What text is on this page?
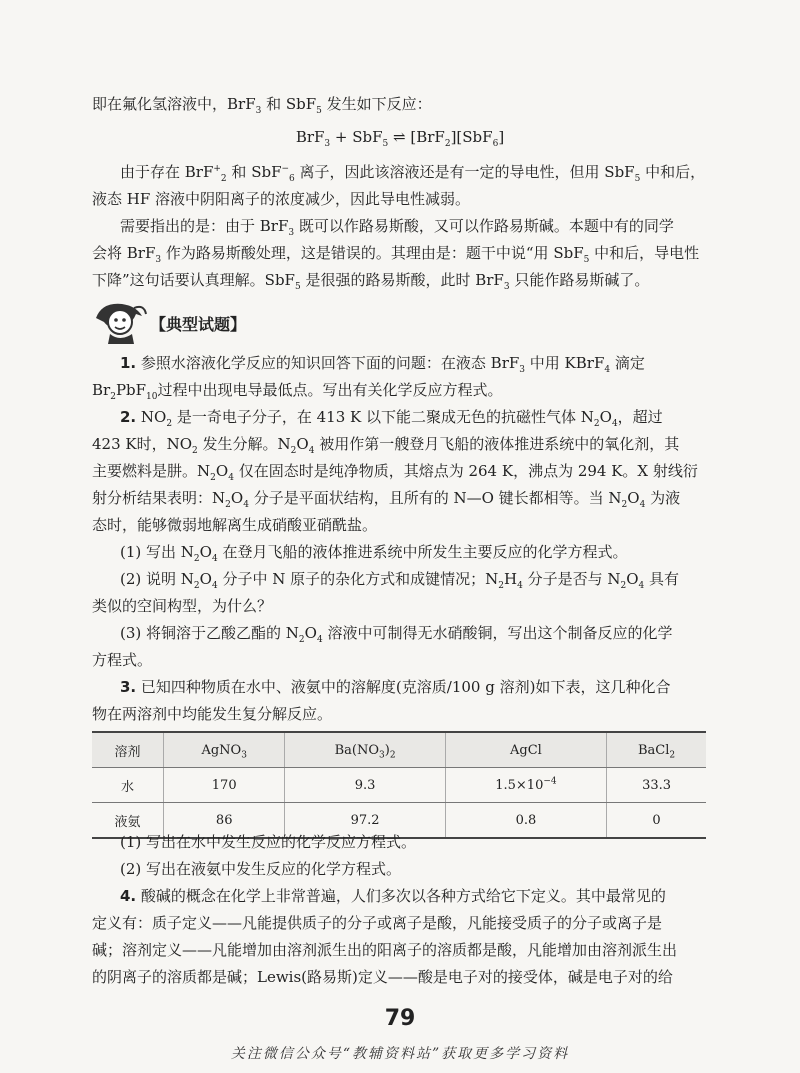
即在氟化氢溶液中，BrF$_3$ 和 SbF$_5$ 发生如下反应：
BrF$_3$ + SbF$_5$ ⇌ [BrF$_2$][SbF$_6$]
由于存在 BrF+$_2$ 和 SbF−$_6$ 离子，因此该溶液还是有一定的导电性，但用 SbF$_5$ 中和后，
液态 HF 溶液中阴阳离子的浓度减少，因此导电性减弱。
需要指出的是：由于 BrF$_3$ 既可以作路易斯酸，又可以作路易斯碱。本题中有的同学
会将 BrF$_3$ 作为路易斯酸处理，这是错误的。其理由是：题干中说“用 SbF$_5$ 中和后，导电性
下降”这句话要认真理解。SbF$_5$ 是很强的路易斯酸，此时 BrF$_3$ 只能作路易斯碱了。
【典型试题】
1. 参照水溶液化学反应的知识回答下面的问题：在液态 BrF$_3$ 中用 KBrF$_4$ 滴定
$Br_2PbF_{10}$过程中出现电导最低点。写出有关化学反应方程式。
2. $NO_2$ 是一奇电子分子，在 413 K 以下能二聚成无色的抗磁性气体 $N_2O_4$，超过
423 K时，$NO_2$ 发生分解。$N_2O_4$ 被用作第一艘登月飞船的液体推进系统中的氧化剂，其
主要燃料是肼。$N_2O_4$ 仅在固态时是纯净物质，其熔点为 264 K，沸点为 294 K。X 射线衍
射分析结果表明：$N_2O_4$ 分子是平面状结构，且所有的 N—O 键长都相等。当 $N_2O_4$ 为液
态时，能够微弱地解离生成硝酸亚硝酰盐。
(1) 写出 $N_2O_4$ 在登月飞船的液体推进系统中所发生主要反应的化学方程式。
(2) 说明 $N_2O_4$ 分子中 N 原子的杂化方式和成键情况；$N_2H_4$ 分子是否与 $N_2O_4$ 具有
类似的空间构型，为什么？
(3) 将铜溶于乙酸乙酯的 $N_2O_4$ 溶液中可制得无水硝酸铜，写出这个制备反应的化学
方程式。
3. 已知四种物质在水中、液氨中的溶解度(克溶质/100 g 溶剂)如下表，这几种化合
物在两溶剂中均能发生复分解反应。
溶剂	AgNO$_3$	$Ba(NO_3)_2$	AgCl	BaCl$_2$
水	170	9.3	$1.5\times 10^{-4}$	33.3
液氨	86	97.2	0.8	0
(1) 写出在水中发生反应的化学反应方程式。
(2) 写出在液氨中发生反应的化学方程式。
4. 酸碱的概念在化学上非常普遍，人们多次以各种方式给它下定义。其中最常见的
定义有：质子定义——凡能提供质子的分子或离子是酸，凡能接受质子的分子或离子是
碱；溶剂定义——凡能增加由溶剂派生出的阳离子的溶质都是酸，凡能增加由溶剂派生出
的阴离子的溶质都是碱；Lewis(路易斯)定义——酸是电子对的接受体，碱是电子对的给
79
关注微信公众号“教辅资料站”获取更多学习资料
